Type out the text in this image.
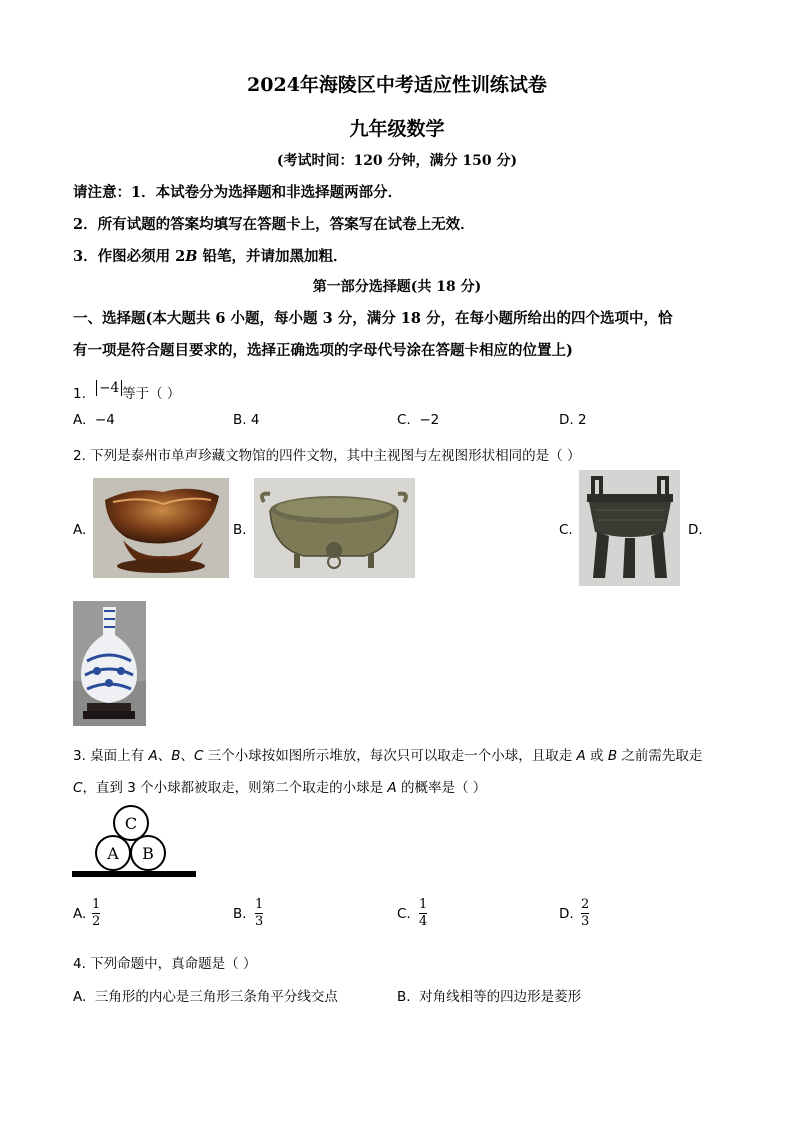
2024年海陵区中考适应性训练试卷
九年级数学
(考试时间：120 分钟，满分 150 分)
请注意：1．本试卷分为选择题和非选择题两部分．
2．所有试题的答案均填写在答题卡上，答案写在试卷上无效．
3．作图必须用 2B 铅笔，并请加黑加粗．
第一部分选择题(共 18 分)
一、选择题(本大题共 6 小题，每小题 3 分，满分 18 分，在每小题所给出的四个选项中，恰
有一项是符合题目要求的，选择正确选项的字母代号涂在答题卡相应的位置上)
1. −4 等于（ ）
A. −4	B. 4	C. −2	D. 2
2. 下列是泰州市单声珍藏文物馆的四件文物，其中主视图与左视图形状相同的是（ ）
A.	B.	C.	D.
3. 桌面上有 A、B、C 三个小球按如图所示堆放，每次只可以取走一个小球，且取走 A 或 B 之前需先取走
C，直到 3 个小球都被取走，则第二个取走的小球是 A 的概率是（ ）
C
A B
A.
1
2	B.
1
3	C.
1
4	D.
2
3
4. 下列命题中，真命题是（ ）
A. 三角形的内心是三角形三条角平分线交点	B. 对角线相等的四边形是菱形
